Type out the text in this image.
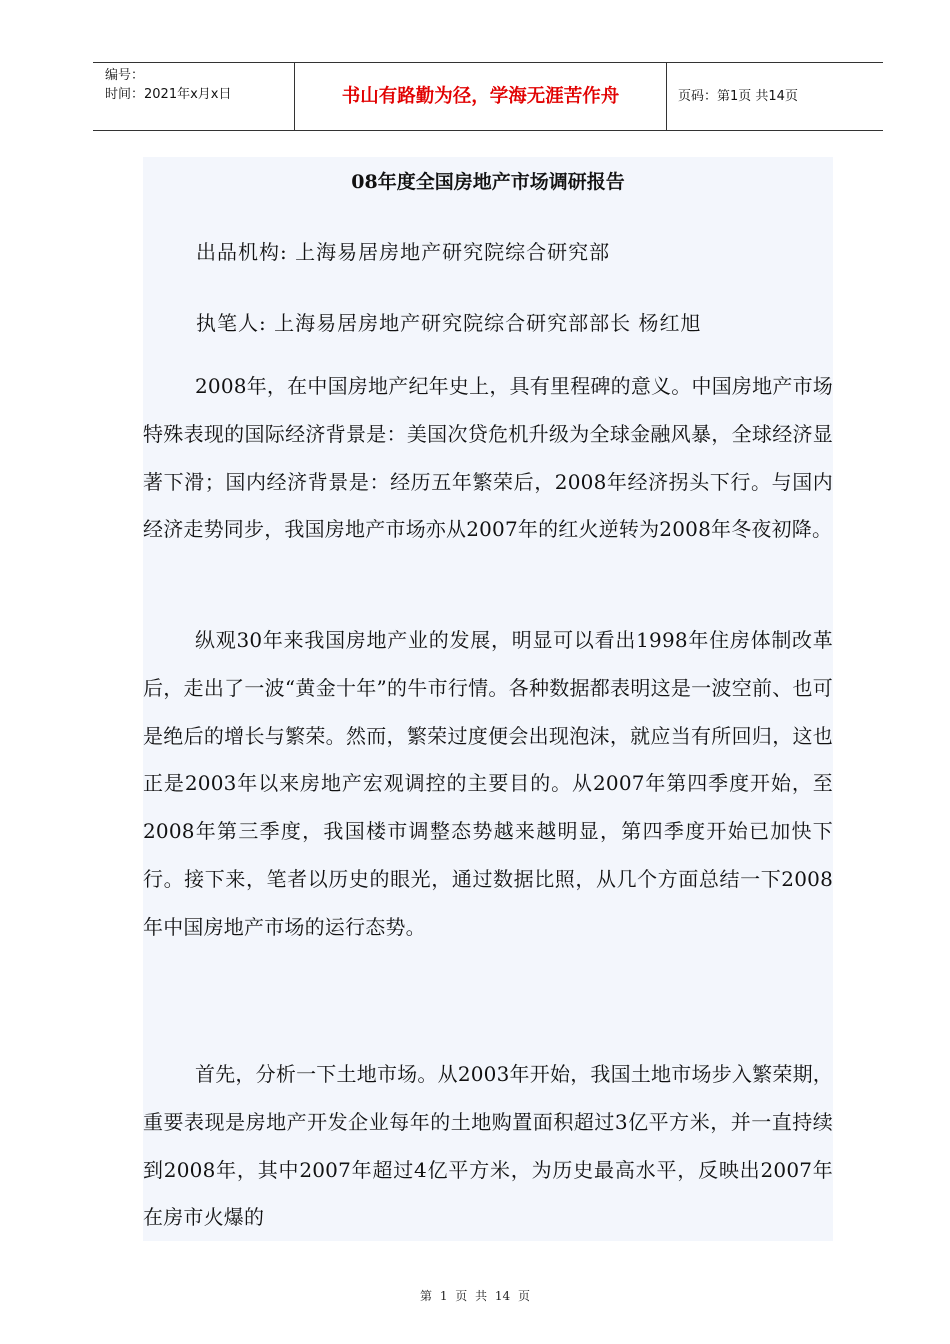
编号：
时间：2021年x月x日	书山有路勤为径，学海无涯苦作舟	页码：第1页 共14页
08年度全国房地产市场调研报告
出品机构: 上海易居房地产研究院综合研究部
执笔人: 上海易居房地产研究院综合研究部部长 杨红旭

2008年，在中国房地产纪年史上，具有里程碑的意义。中国房地产市场特殊表现的国际经济背景是：美国次贷危机升级为全球金融风暴，全球经济显著下滑；国内经济背景是：经历五年繁荣后，2008年经济拐头下行。与国内经济走势同步，我国房地产市场亦从2007年的红火逆转为2008年冬夜初降。

纵观30年来我国房地产业的发展，明显可以看出1998年住房体制改革后，走出了一波“黄金十年”的牛市行情。各种数据都表明这是一波空前、也可是绝后的增长与繁荣。然而，繁荣过度便会出现泡沫，就应当有所回归，这也正是2003年以来房地产宏观调控的主要目的。从2007年第四季度开始，至2008年第三季度，我国楼市调整态势越来越明显，第四季度开始已加快下行。接下来，笔者以历史的眼光，通过数据比照，从几个方面总结一下2008年中国房地产市场的运行态势。

首先，分析一下土地市场。从2003年开始，我国土地市场步入繁荣期，重要表现是房地产开发企业每年的土地购置面积超过3亿平方米，并一直持续到2008年，其中2007年超过4亿平方米，为历史最高水平，反映出2007年在房市火爆的

第 1 页 共 14 页
